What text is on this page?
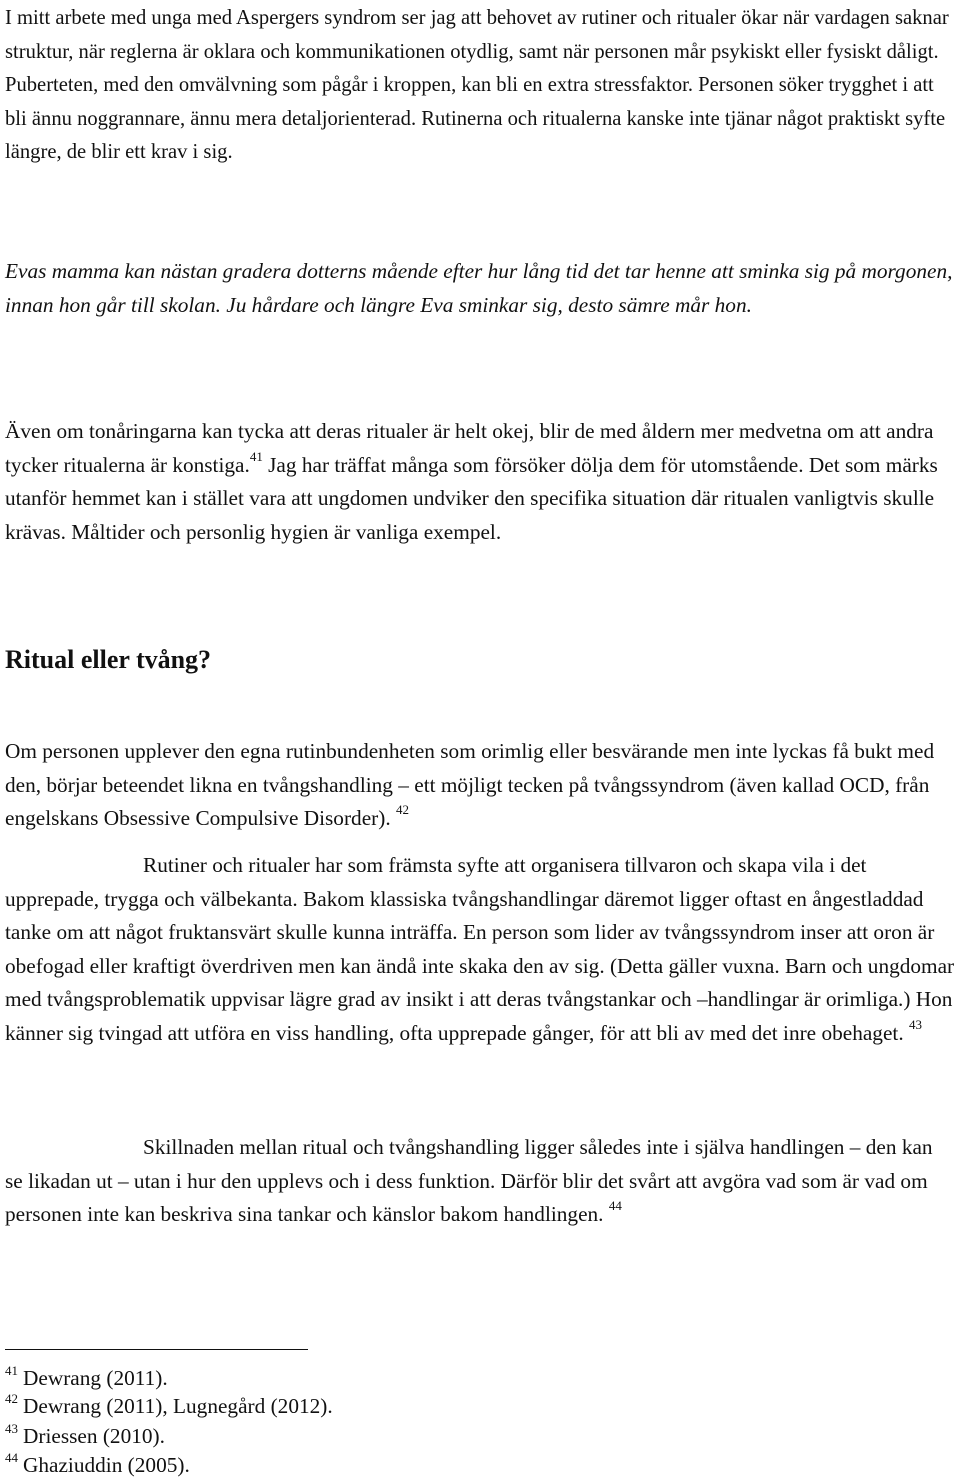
I mitt arbete med unga med Aspergers syndrom ser jag att behovet av rutiner och ritualer ökar när vardagen saknar struktur, när reglerna är oklara och kommunikationen otydlig, samt när personen mår psykiskt eller fysiskt dåligt. Puberteten, med den omvälvning som pågår i kroppen, kan bli en extra stressfaktor. Personen söker trygghet i att bli ännu noggrannare, ännu mera detaljorienterad. Rutinerna och ritualerna kanske inte tjänar något praktiskt syfte längre, de blir ett krav i sig.

Evas mamma kan nästan gradera dotterns mående efter hur lång tid det tar henne att sminka sig på morgonen, innan hon går till skolan. Ju hårdare och längre Eva sminkar sig, desto sämre mår hon.

Även om tonåringarna kan tycka att deras ritualer är helt okej, blir de med åldern mer medvetna om att andra tycker ritualerna är konstiga.$^{41}$ Jag har träffat många som försöker dölja dem för utomstående. Det som märks utanför hemmet kan i stället vara att ungdomen undviker den specifika situation där ritualen vanligtvis skulle krävas. Måltider och personlig hygien är vanliga exempel.

Ritual eller tvång?

Om personen upplever den egna rutinbundenheten som orimlig eller besvärande men inte lyckas få bukt med den, börjar beteendet likna en tvångshandling – ett möjligt tecken på tvångssyndrom (även kallad OCD, från engelskans Obsessive Compulsive Disorder). $^{42}$

Rutiner och ritualer har som främsta syfte att organisera tillvaron och skapa vila i det upprepade, trygga och välbekanta. Bakom klassiska tvångshandlingar däremot ligger oftast en ångestladdad tanke om att något fruktansvärt skulle kunna inträffa. En person som lider av tvångssyndrom inser att oron är obefogad eller kraftigt överdriven men kan ändå inte skaka den av sig. (Detta gäller vuxna. Barn och ungdomar med tvångsproblematik uppvisar lägre grad av insikt i att deras tvångstankar och –handlingar är orimliga.) Hon känner sig tvingad att utföra en viss handling, ofta upprepade gånger, för att bli av med det inre obehaget. $^{43}$

Skillnaden mellan ritual och tvångshandling ligger således inte i själva handlingen – den kan se likadan ut – utan i hur den upplevs och i dess funktion. Därför blir det svårt att avgöra vad som är vad om personen inte kan beskriva sina tankar och känslor bakom handlingen. $^{44}$

$^{41}$ Dewrang (2011).

$^{42}$ Dewrang (2011), Lugnegård (2012).

$^{43}$ Driessen (2010).

$^{44}$ Ghaziuddin (2005).
